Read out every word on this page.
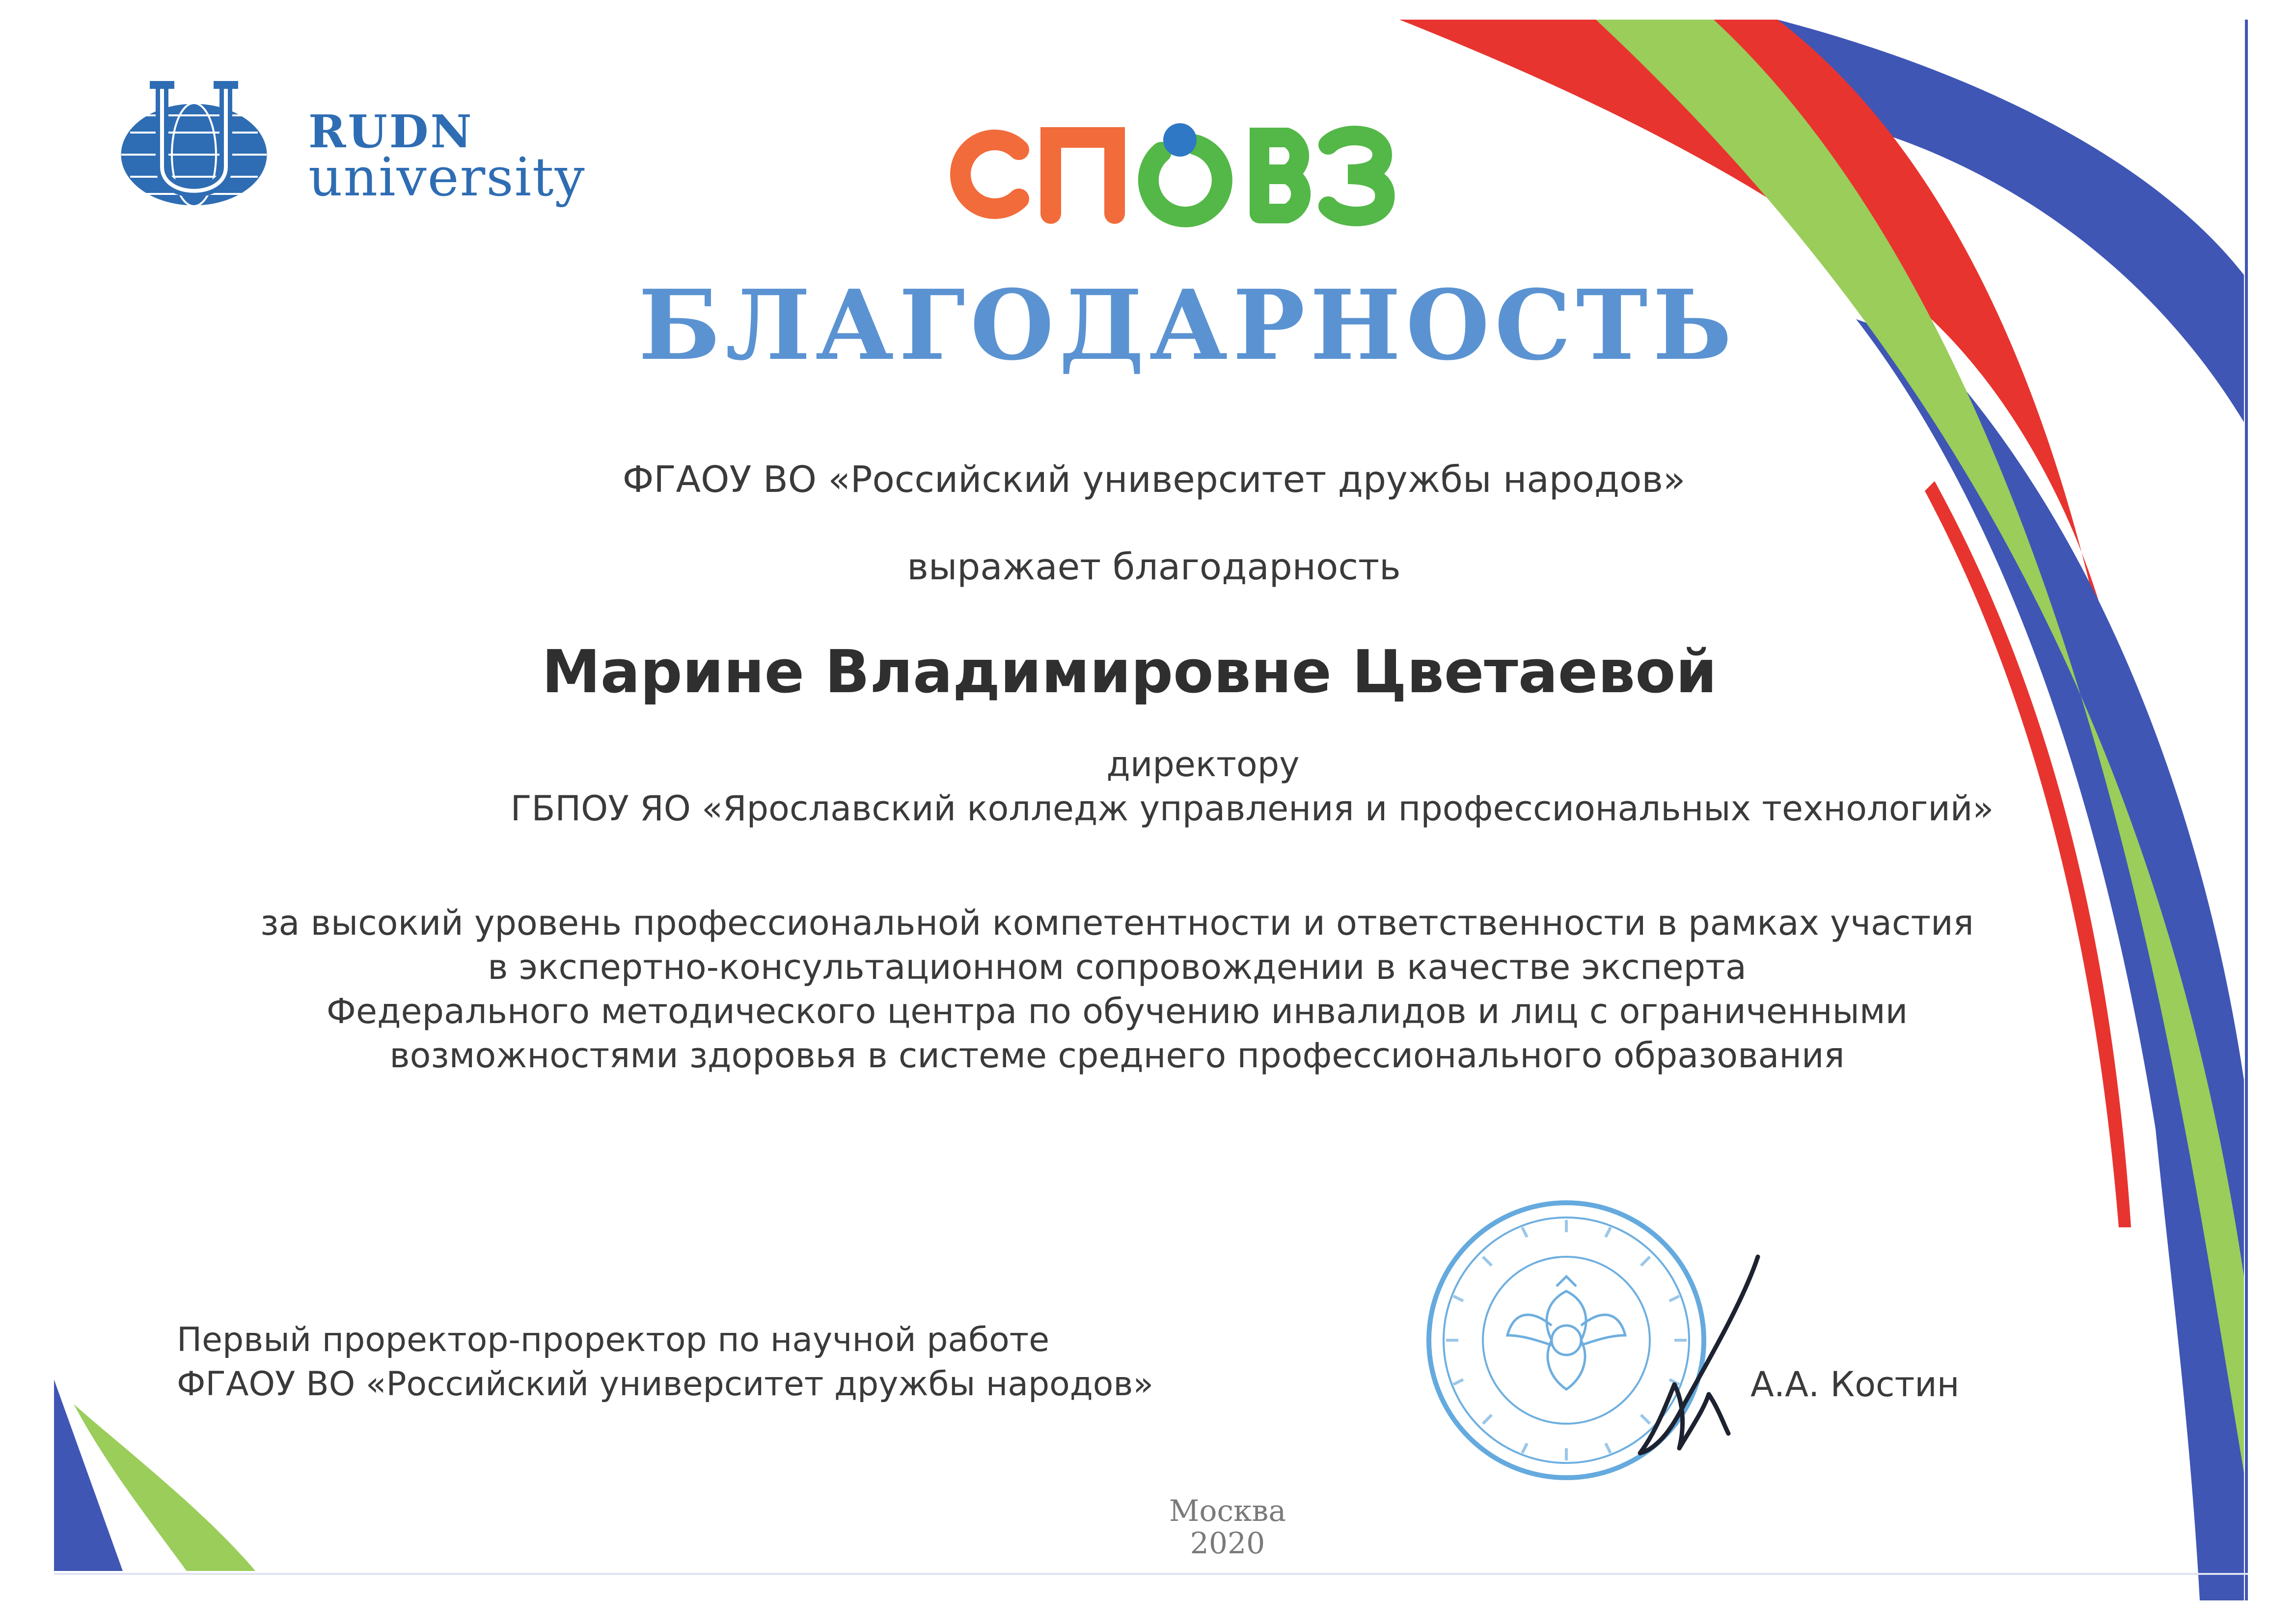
RUDN
university
БЛАГОДАРНОСТЬ
ФГАОУ ВО «Российский университет дружбы народов»
выражает благодарность
Марине Владимировне Цветаевой
директору
ГБПОУ ЯО «Ярославский колледж управления и профессиональных технологий»
за высокий уровень профессиональной компетентности и ответственности в рамках участия
в экспертно-консультационном сопровождении в качестве эксперта
Федерального методического центра по обучению инвалидов и лиц с ограниченными
возможностями здоровья в системе среднего профессионального образования
Первый проректор-проректор по научной работе
ФГАОУ ВО «Российский университет дружбы народов»	А.А. Костин
Москва
2020
